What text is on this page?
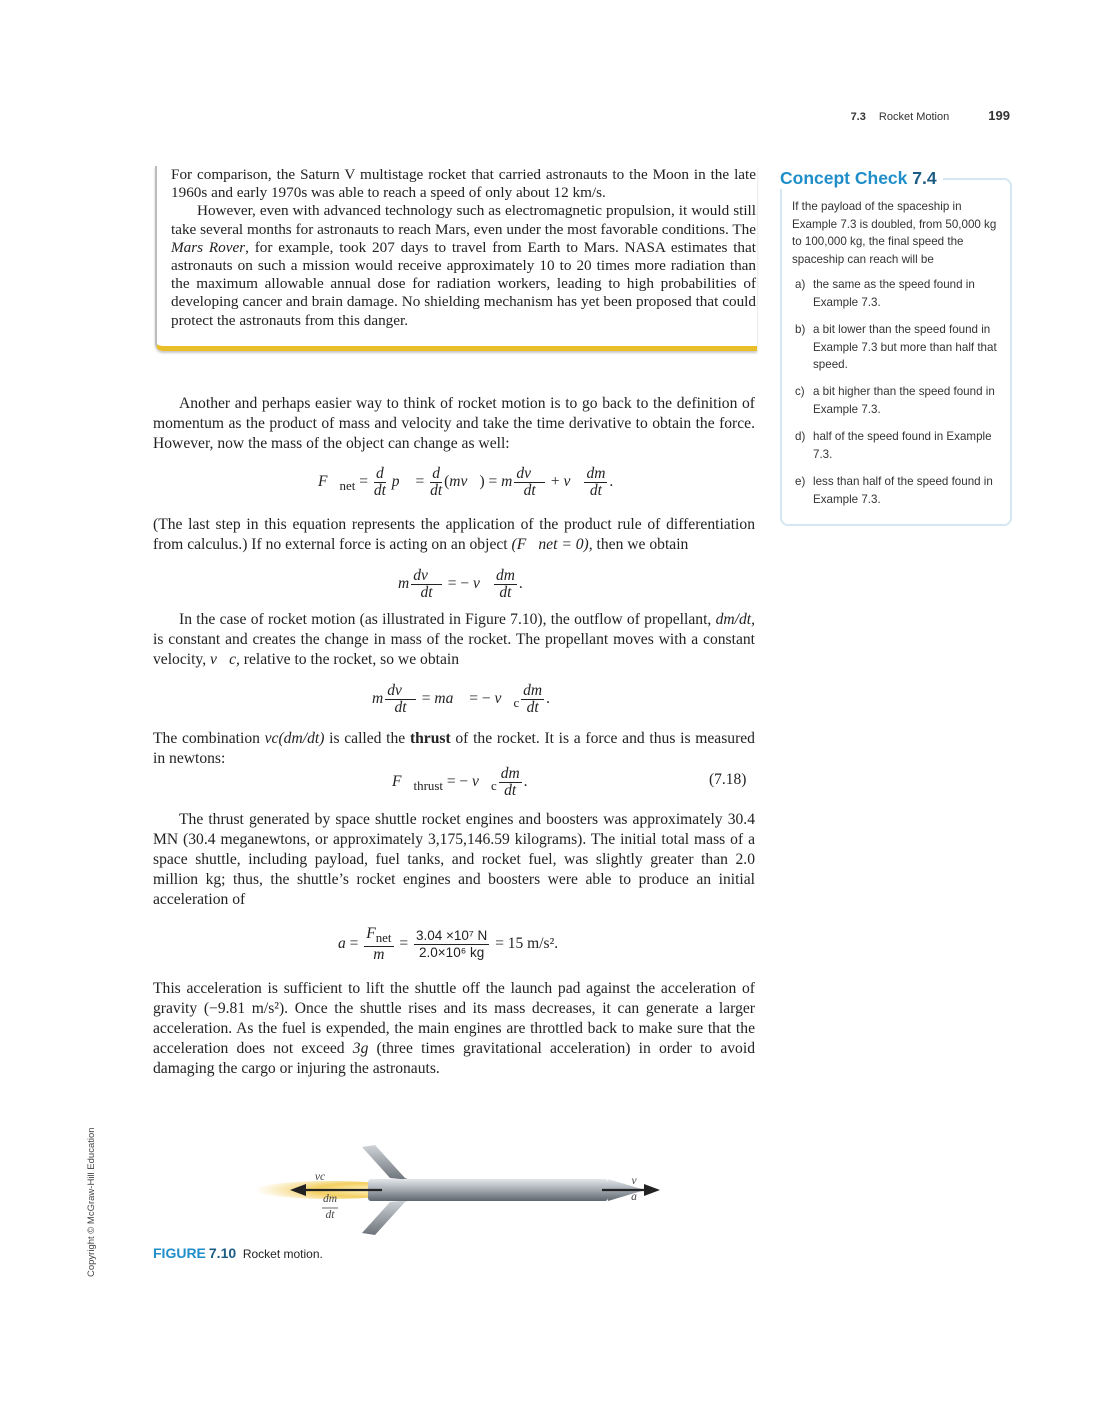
7.3 Rocket Motion	199

For comparison, the Saturn V multistage rocket that carried astronauts to the Moon in the late 1960s and early 1970s was able to reach a speed of only about 12 km/s.

However, even with advanced technology such as electromagnetic propulsion, it would still take several months for astronauts to reach Mars, even under the most favorable conditions. The Mars Rover, for example, took 207 days to travel from Earth to Mars. NASA estimates that astronauts on such a mission would receive approximately 10 to 20 times more radiation than the maximum allowable annual dose for radiation workers, leading to high probabilities of developing cancer and brain damage. No shielding mechanism has yet been proposed that could protect the astronauts from this danger.

Another and perhaps easier way to think of rocket motion is to go back to the definition of momentum as the product of mass and velocity and take the time derivative to obtain the force. However, now the mass of the object can change as well:

$F⃗_{net} = \frac{d}{dt}$ p⃗ = $\frac{d}{dt}$ (mv⃗) = m $\frac{dv⃗}{dt}$ + v⃗ $\frac{dm}{dt}$ .

(The last step in this equation represents the application of the product rule of differentiation from calculus.) If no external force is acting on an object (F⃗net = 0), then we obtain

m $\frac{dv⃗}{dt}$ = − v⃗ $\frac{dm}{dt}$ .

In the case of rocket motion (as illustrated in Figure 7.10), the outflow of propellant, dm/dt, is constant and creates the change in mass of the rocket. The propellant moves with a constant velocity, v⃗c, relative to the rocket, so we obtain

m $\frac{dv⃗}{dt}$ = ma⃗ = − $v⃗_c \frac{dm}{dt}$ .

The combination vc(dm/dt) is called the thrust of the rocket. It is a force and thus is measured in newtons:

$F⃗_{thrust}$ = − $v⃗_c \frac{dm}{dt}$ .	(7.18)

The thrust generated by space shuttle rocket engines and boosters was approximately 30.4 MN (30.4 meganewtons, or approximately 3,175,146.59 kilograms). The initial total mass of a space shuttle, including payload, fuel tanks, and rocket fuel, was slightly greater than 2.0 million kg; thus, the shuttle’s rocket engines and boosters were able to produce an initial acceleration of

$a = \frac{F_{net}}{m} = \frac{\text{3.04 ×10⁷ N}}{\text{2.0×10⁶ kg}} = 15$ m/s².

This acceleration is sufficient to lift the shuttle off the launch pad against the acceleration of gravity (−9.81 m/s²). Once the shuttle rises and its mass decreases, it can generate a larger acceleration. As the fuel is expended, the main engines are throttled back to make sure that the acceleration does not exceed 3g (three times gravitational acceleration) in order to avoid damaging the cargo or injuring the astronauts.

Concept Check 7.4
If the payload of the spaceship in Example 7.3 is doubled, from 50,000 kg to 100,000 kg, the final speed the spaceship can reach will be
a) the same as the speed found in Example 7.3.
b) a bit lower than the speed found in Example 7.3 but more than half that speed.
c) a bit higher than the speed found in Example 7.3.
d) half of the speed found in Example 7.3.
e) less than half of the speed found in Example 7.3.
vc
dm
dt
v
a
FIGURE 7.10 Rocket motion.
Copyright © McGraw-Hill Education
